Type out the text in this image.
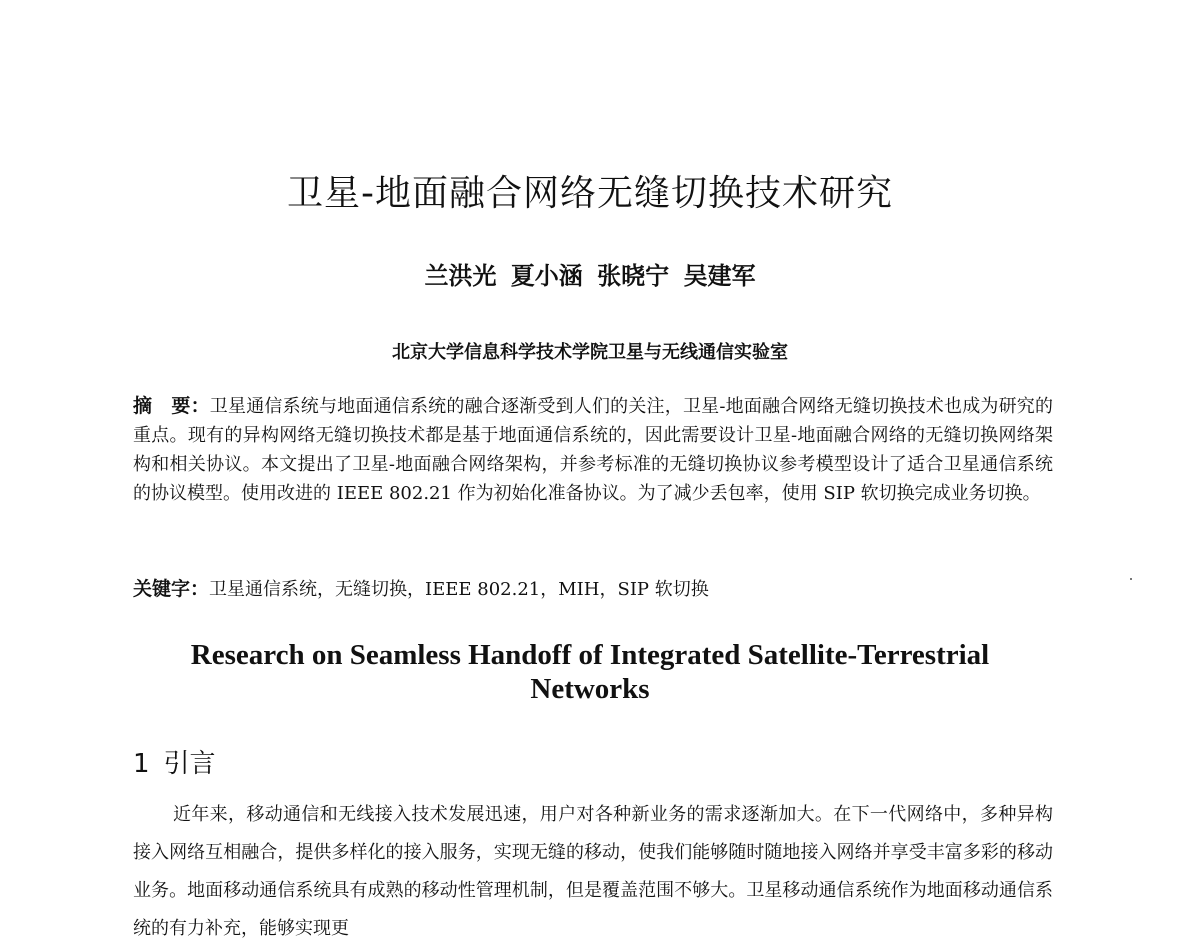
卫星-地面融合网络无缝切换技术研究
兰洪光 夏小涵 张晓宁 吴建军
北京大学信息科学技术学院卫星与无线通信实验室
摘　要：卫星通信系统与地面通信系统的融合逐渐受到人们的关注，卫星-地面融合网络无缝切换技术也成为研究的重点。现有的异构网络无缝切换技术都是基于地面通信系统的，因此需要设计卫星-地面融合网络的无缝切换网络架构和相关协议。本文提出了卫星-地面融合网络架构，并参考标准的无缝切换协议参考模型设计了适合卫星通信系统的协议模型。使用改进的 IEEE 802.21 作为初始化准备协议。为了减少丢包率，使用 SIP 软切换完成业务切换。
关键字：卫星通信系统，无缝切换，IEEE 802.21，MIH，SIP 软切换
Research on Seamless Handoff of Integrated Satellite-Terrestrial Networks
1 引言

近年来，移动通信和无线接入技术发展迅速，用户对各种新业务的需求逐渐加大。在下一代网络中，多种异构接入网络互相融合，提供多样化的接入服务，实现无缝的移动，使我们能够随时随地接入网络并享受丰富多彩的移动业务。地面移动通信系统具有成熟的移动性管理机制，但是覆盖范围不够大。卫星移动通信系统作为地面移动通信系统的有力补充，能够实现更
